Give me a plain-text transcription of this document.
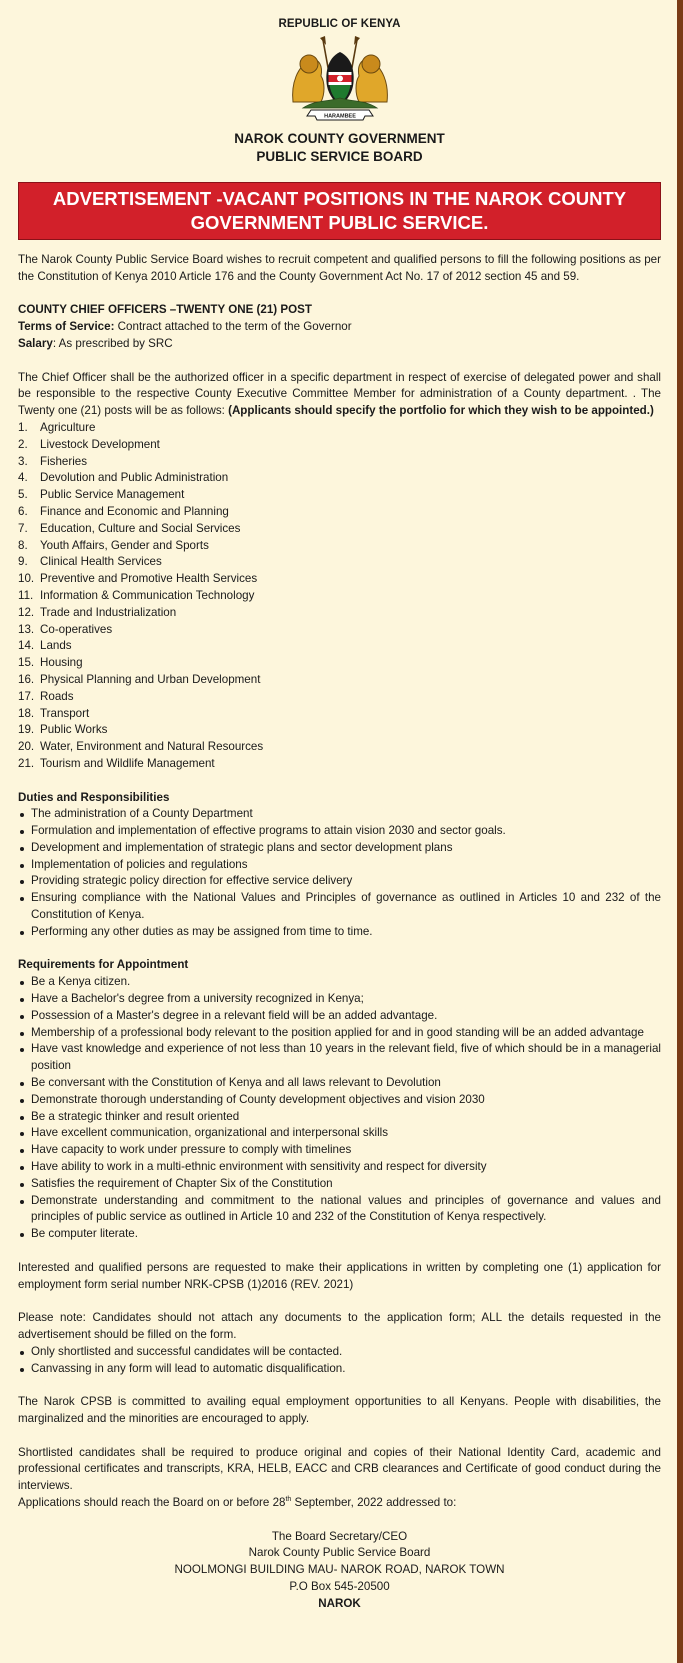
REPUBLIC OF KENYA
HARAMBEE
NAROK COUNTY GOVERNMENT
PUBLIC SERVICE BOARD
ADVERTISEMENT -VACANT POSITIONS IN THE NAROK COUNTY
GOVERNMENT PUBLIC SERVICE.

The Narok County Public Service Board wishes to recruit competent and qualified persons to fill the following positions as per the Constitution of Kenya 2010 Article 176 and the County Government Act No. 17 of 2012 section 45 and 59.

COUNTY CHIEF OFFICERS –TWENTY ONE (21) POST

Terms of Service: Contract attached to the term of the Governor

Salary: As prescribed by SRC

The Chief Officer shall be the authorized officer in a specific department in respect of exercise of delegated power and shall be responsible to the respective County Executive Committee Member for administration of a County department. . The Twenty one (21) posts will be as follows: (Applicants should specify the portfolio for which they wish to be appointed.)

1. Agriculture
2. Livestock Development
3. Fisheries
4. Devolution and Public Administration
5. Public Service Management
6. Finance and Economic and Planning
7. Education, Culture and Social Services
8. Youth Affairs, Gender and Sports
9. Clinical Health Services
10. Preventive and Promotive Health Services
11. Information & Communication Technology
12. Trade and Industrialization
13. Co-operatives
14. Lands
15. Housing
16. Physical Planning and Urban Development
17. Roads
18. Transport
19. Public Works
20. Water, Environment and Natural Resources
21. Tourism and Wildlife Management

Duties and Responsibilities

The administration of a County Department
Formulation and implementation of effective programs to attain vision 2030 and sector goals.
Development and implementation of strategic plans and sector development plans
Implementation of policies and regulations
Providing strategic policy direction for effective service delivery
Ensuring compliance with the National Values and Principles of governance as outlined in Articles 10 and 232 of the Constitution of Kenya.
Performing any other duties as may be assigned from time to time.

Requirements for Appointment

Be a Kenya citizen.
Have a Bachelor's degree from a university recognized in Kenya;
Possession of a Master's degree in a relevant field will be an added advantage.
Membership of a professional body relevant to the position applied for and in good standing will be an added advantage
Have vast knowledge and experience of not less than 10 years in the relevant field, five of which should be in a managerial position
Be conversant with the Constitution of Kenya and all laws relevant to Devolution
Demonstrate thorough understanding of County development objectives and vision 2030
Be a strategic thinker and result oriented
Have excellent communication, organizational and interpersonal skills
Have capacity to work under pressure to comply with timelines
Have ability to work in a multi-ethnic environment with sensitivity and respect for diversity
Satisfies the requirement of Chapter Six of the Constitution
Demonstrate understanding and commitment to the national values and principles of governance and values and principles of public service as outlined in Article 10 and 232 of the Constitution of Kenya respectively.
Be computer literate.

Interested and qualified persons are requested to make their applications in written by completing one (1) application for employment form serial number NRK-CPSB (1)2016 (REV. 2021)

Please note: Candidates should not attach any documents to the application form; ALL the details requested in the advertisement should be filled on the form.

Only shortlisted and successful candidates will be contacted.
Canvassing in any form will lead to automatic disqualification.

The Narok CPSB is committed to availing equal employment opportunities to all Kenyans. People with disabilities, the marginalized and the minorities are encouraged to apply.

Shortlisted candidates shall be required to produce original and copies of their National Identity Card, academic and professional certificates and transcripts, KRA, HELB, EACC and CRB clearances and Certificate of good conduct during the interviews.

Applications should reach the Board on or before 28th September, 2022 addressed to:

The Board Secretary/CEO
Narok County Public Service Board
NOOLMONGI BUILDING MAU- NAROK ROAD, NAROK TOWN
P.O Box 545-20500
NAROK
